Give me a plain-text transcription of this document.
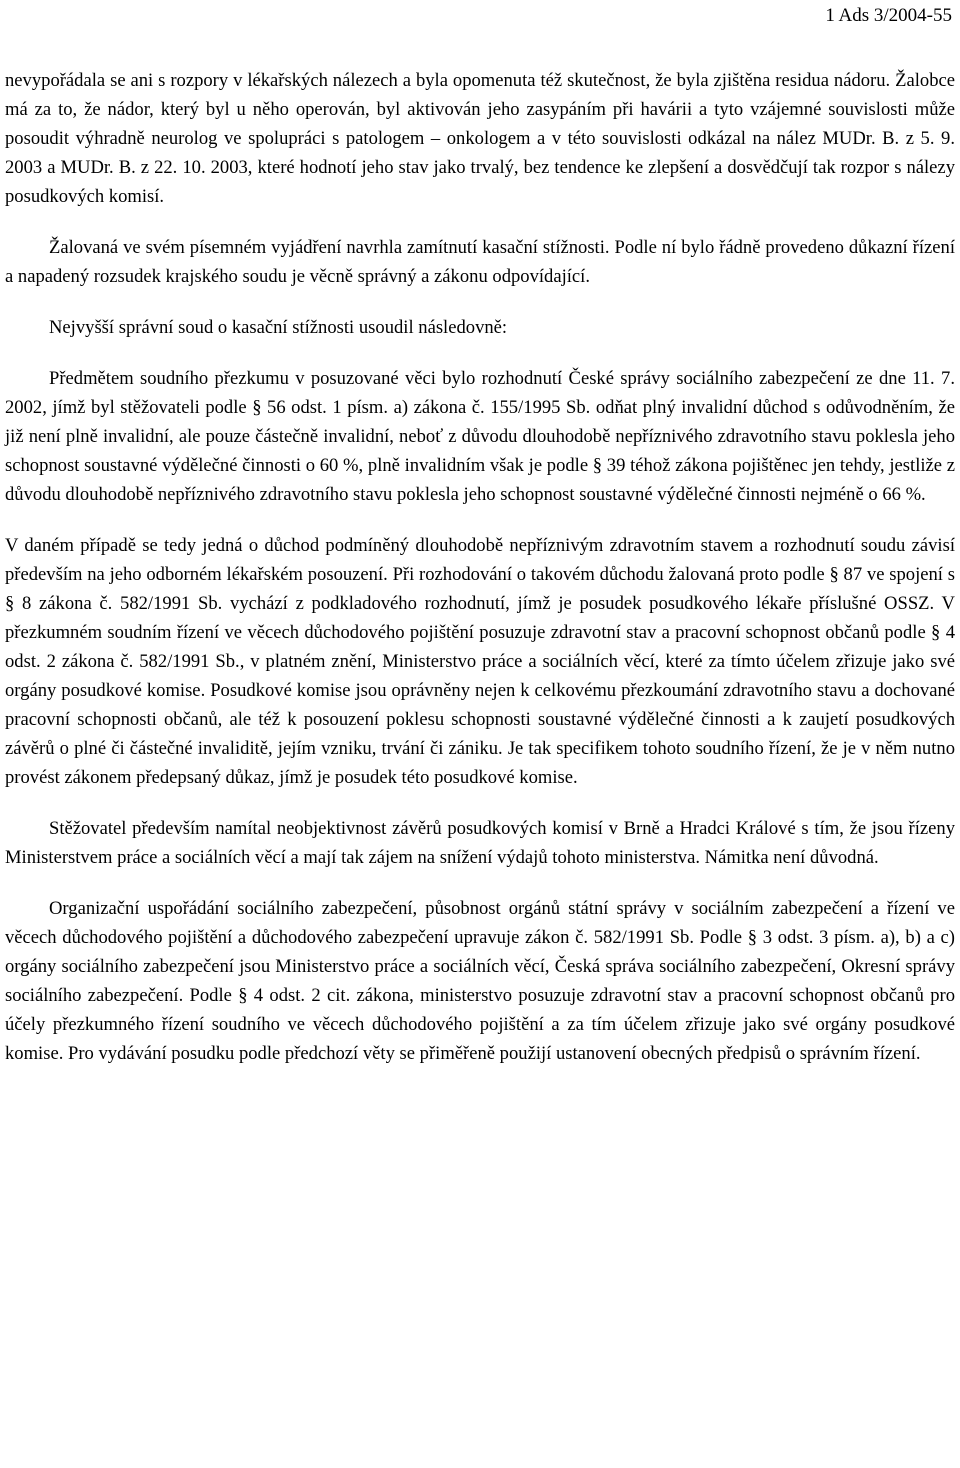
1 Ads 3/2004-55

nevypořádala se ani s rozpory v lékařských nálezech a byla opomenuta též skutečnost, že byla zjištěna residua nádoru. Žalobce má za to, že nádor, který byl u něho operován, byl aktivován jeho zasypáním při havárii a tyto vzájemné souvislosti může posoudit výhradně neurolog ve spolupráci s patologem – onkologem a v této souvislosti odkázal na nález MUDr. B. z 5. 9. 2003 a MUDr. B. z 22. 10. 2003, které hodnotí jeho stav jako trvalý, bez tendence ke zlepšení a dosvědčují tak rozpor s nálezy posudkových komisí.

Žalovaná ve svém písemném vyjádření navrhla zamítnutí kasační stížnosti. Podle ní bylo řádně provedeno důkazní řízení a napadený rozsudek krajského soudu je věcně správný a zákonu odpovídající.

Nejvyšší správní soud o kasační stížnosti usoudil následovně:

Předmětem soudního přezkumu v posuzované věci bylo rozhodnutí České správy sociálního zabezpečení ze dne 11. 7. 2002, jímž byl stěžovateli podle § 56 odst. 1 písm. a) zákona č. 155/1995 Sb. odňat plný invalidní důchod s odůvodněním, že již není plně invalidní, ale pouze částečně invalidní, neboť z důvodu dlouhodobě nepříznivého zdravotního stavu poklesla jeho schopnost soustavné výdělečné činnosti o 60 %, plně invalidním však je podle § 39 téhož zákona pojištěnec jen tehdy, jestliže z důvodu dlouhodobě nepříznivého zdravotního stavu poklesla jeho schopnost soustavné výdělečné činnosti nejméně o 66 %.

V daném případě se tedy jedná o důchod podmíněný dlouhodobě nepříznivým zdravotním stavem a rozhodnutí soudu závisí především na jeho odborném lékařském posouzení. Při rozhodování o takovém důchodu žalovaná proto podle § 87 ve spojení s § 8 zákona č. 582/1991 Sb. vychází z podkladového rozhodnutí, jímž je posudek posudkového lékaře příslušné OSSZ. V přezkumném soudním řízení ve věcech důchodového pojištění posuzuje zdravotní stav a pracovní schopnost občanů podle § 4 odst. 2 zákona č. 582/1991 Sb., v platném znění, Ministerstvo práce a sociálních věcí, které za tímto účelem zřizuje jako své orgány posudkové komise. Posudkové komise jsou oprávněny nejen k celkovému přezkoumání zdravotního stavu a dochované pracovní schopnosti občanů, ale též k posouzení poklesu schopnosti soustavné výdělečné činnosti a k zaujetí posudkových závěrů o plné či částečné invaliditě, jejím vzniku, trvání či zániku. Je tak specifikem tohoto soudního řízení, že je v něm nutno provést zákonem předepsaný důkaz, jímž je posudek této posudkové komise.

Stěžovatel především namítal neobjektivnost závěrů posudkových komisí v Brně a Hradci Králové s tím, že jsou řízeny Ministerstvem práce a sociálních věcí a mají tak zájem na snížení výdajů tohoto ministerstva. Námitka není důvodná.

Organizační uspořádání sociálního zabezpečení, působnost orgánů státní správy v sociálním zabezpečení a řízení ve věcech důchodového pojištění a důchodového zabezpečení upravuje zákon č. 582/1991 Sb. Podle § 3 odst. 3 písm. a), b) a c) orgány sociálního zabezpečení jsou Ministerstvo práce a sociálních věcí, Česká správa sociálního zabezpečení, Okresní správy sociálního zabezpečení. Podle § 4 odst. 2 cit. zákona, ministerstvo posuzuje zdravotní stav a pracovní schopnost občanů pro účely přezkumného řízení soudního ve věcech důchodového pojištění a za tím účelem zřizuje jako své orgány posudkové komise. Pro vydávání posudku podle předchozí věty se přiměřeně použijí ustanovení obecných předpisů o správním řízení.
